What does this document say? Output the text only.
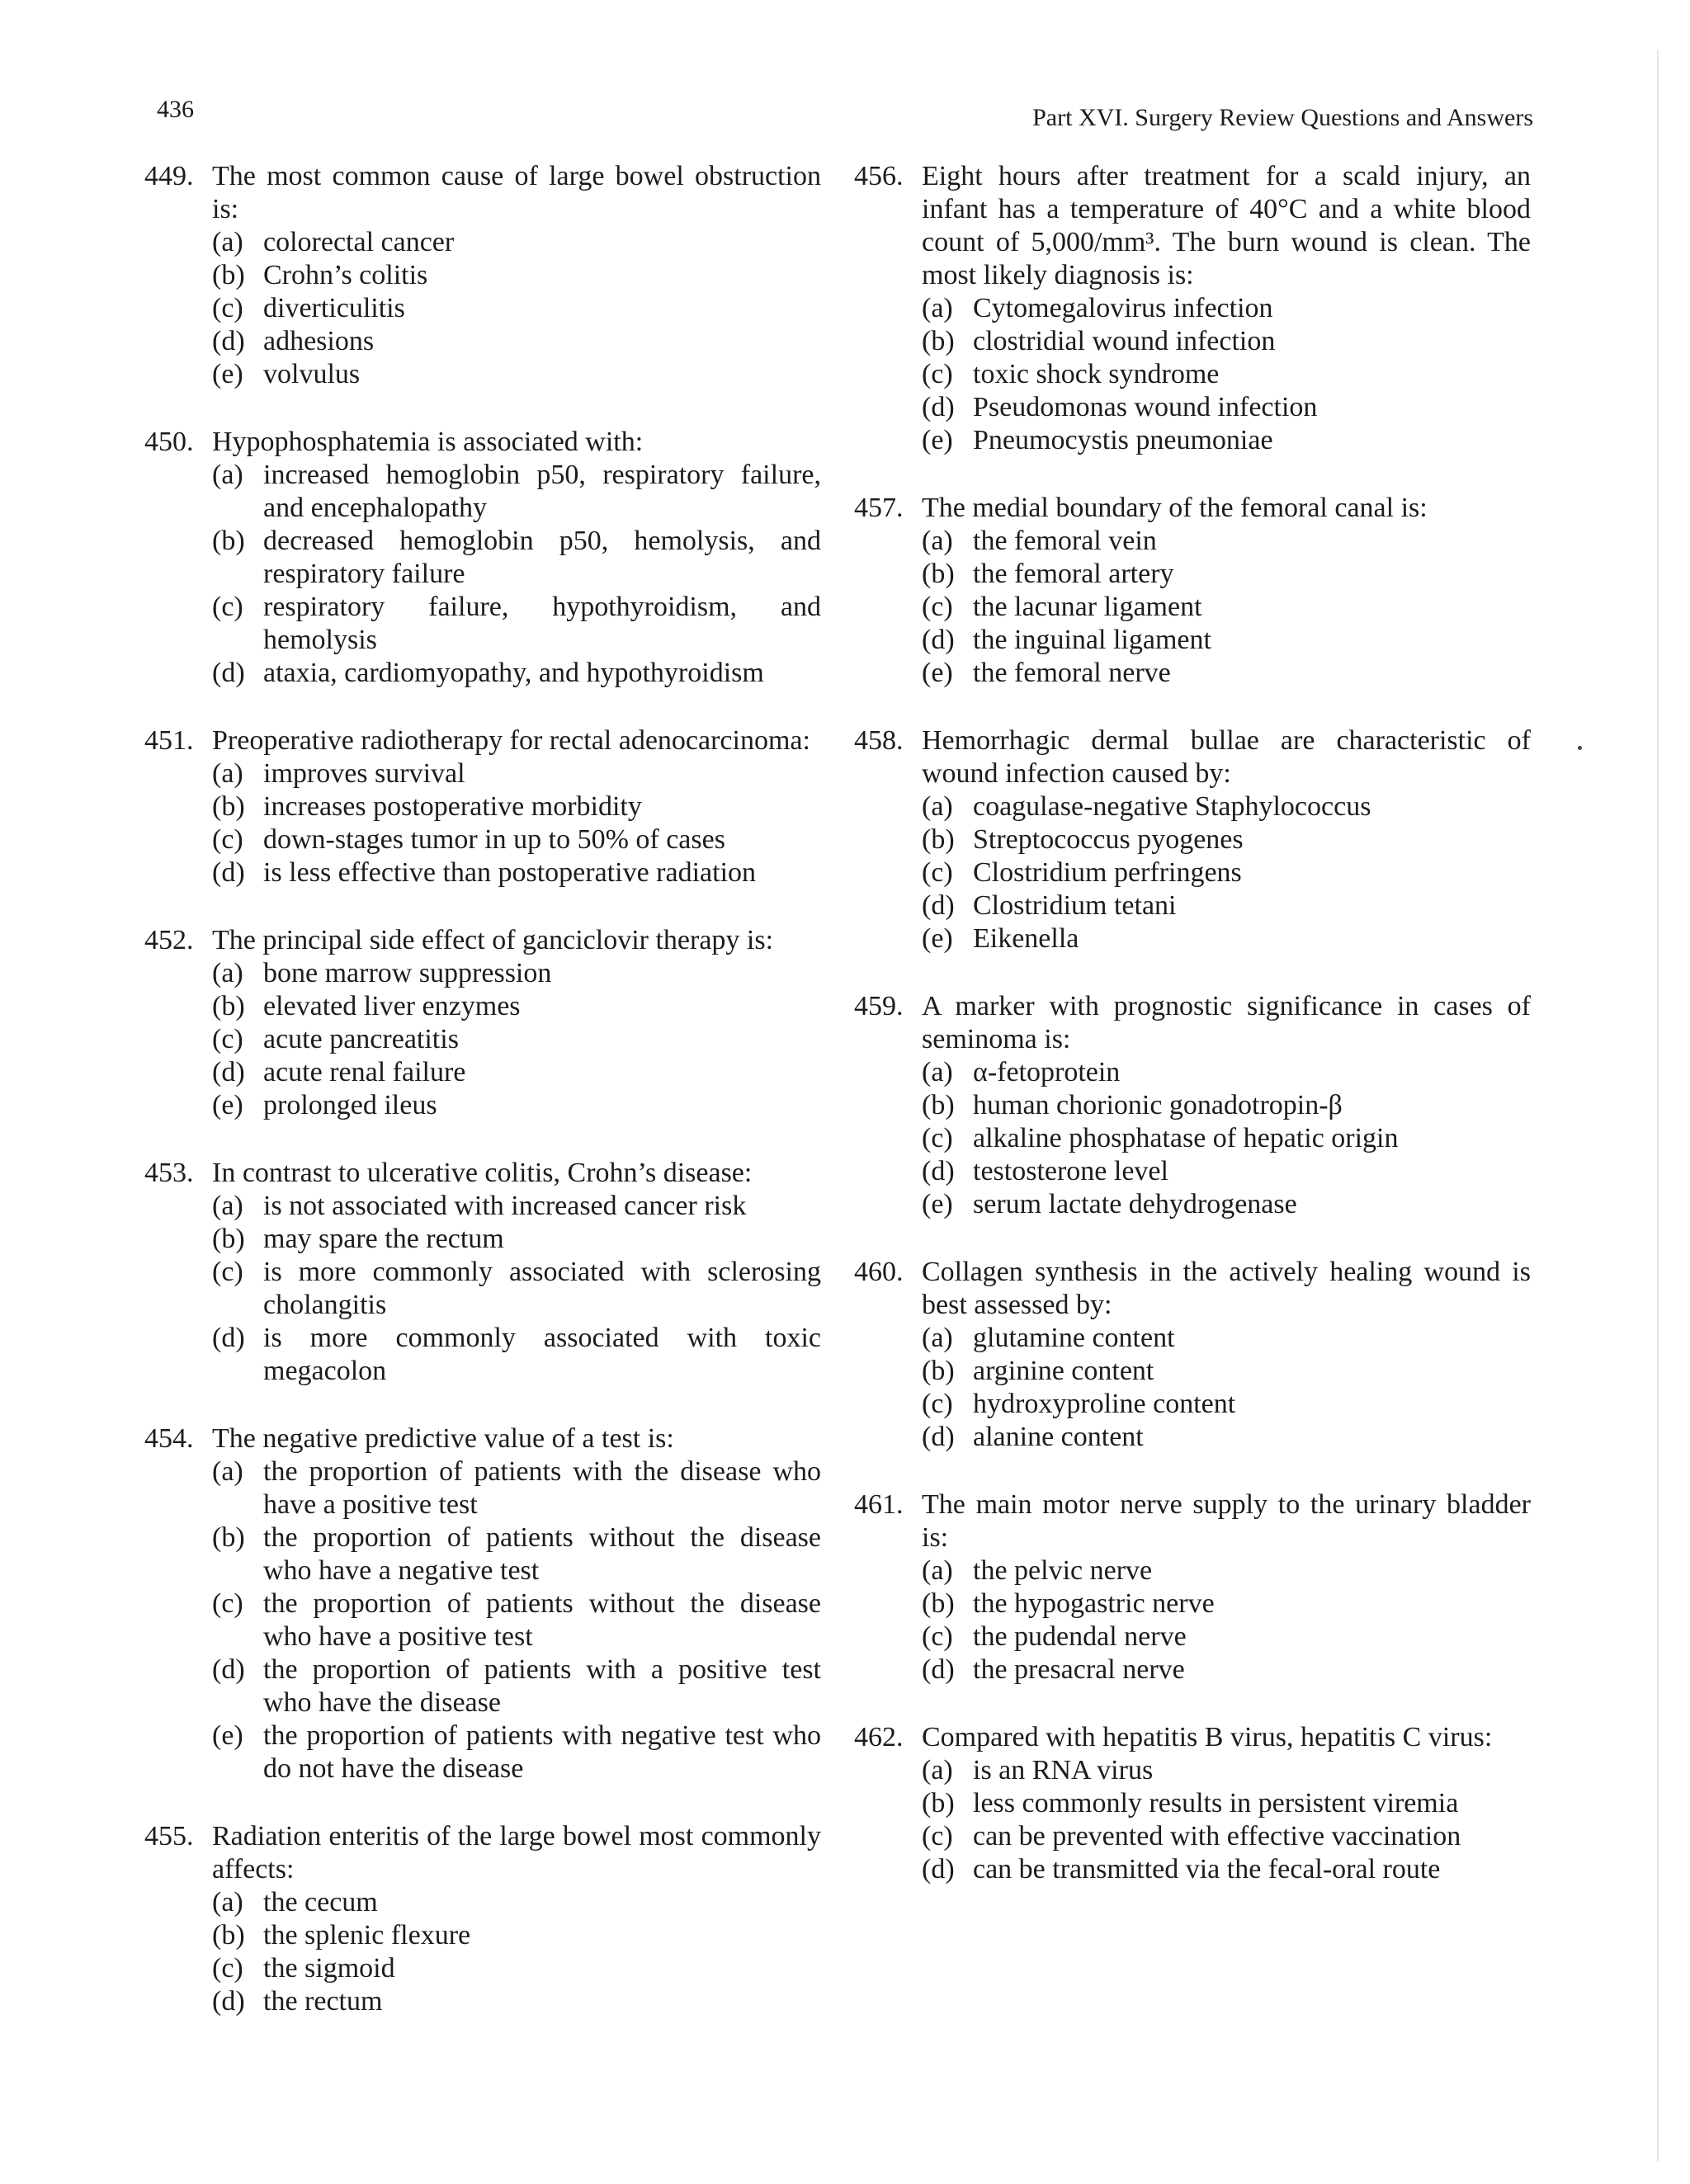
436	Part XVI. Surgery Review Questions and Answers
449. The most common cause of large bowel obstruction is:
(a) colorectal cancer
(b) Crohn’s colitis
(c) diverticulitis
(d) adhesions
(e) volvulus
450. Hypophosphatemia is associated with:
(a) increased hemoglobin p50, respiratory failure, and encephalopathy
(b) decreased hemoglobin p50, hemolysis, and respiratory failure
(c) respiratory failure, hypothyroidism, and hemolysis
(d) ataxia, cardiomyopathy, and hypothyroidism
451. Preoperative radiotherapy for rectal adenocarcinoma:
(a) improves survival
(b) increases postoperative morbidity
(c) down-stages tumor in up to 50% of cases
(d) is less effective than postoperative radiation
452. The principal side effect of ganciclovir therapy is:
(a) bone marrow suppression
(b) elevated liver enzymes
(c) acute pancreatitis
(d) acute renal failure
(e) prolonged ileus
453. In contrast to ulcerative colitis, Crohn’s disease:
(a) is not associated with increased cancer risk
(b) may spare the rectum
(c) is more commonly associated with sclerosing cholangitis
(d) is more commonly associated with toxic megacolon
454. The negative predictive value of a test is:
(a) the proportion of patients with the disease who have a positive test
(b) the proportion of patients without the disease who have a negative test
(c) the proportion of patients without the disease who have a positive test
(d) the proportion of patients with a positive test who have the disease
(e) the proportion of patients with negative test who do not have the disease
455. Radiation enteritis of the large bowel most commonly affects:
(a) the cecum
(b) the splenic flexure
(c) the sigmoid
(d) the rectum
456. Eight hours after treatment for a scald injury, an infant has a temperature of 40°C and a white blood count of 5,000/mm³. The burn wound is clean. The most likely diagnosis is:
(a) Cytomegalovirus infection
(b) clostridial wound infection
(c) toxic shock syndrome
(d) Pseudomonas wound infection
(e) Pneumocystis pneumoniae
457. The medial boundary of the femoral canal is:
(a) the femoral vein
(b) the femoral artery
(c) the lacunar ligament
(d) the inguinal ligament
(e) the femoral nerve
458. Hemorrhagic dermal bullae are characteristic of wound infection caused by:
(a) coagulase-negative Staphylococcus
(b) Streptococcus pyogenes
(c) Clostridium perfringens
(d) Clostridium tetani
(e) Eikenella
459. A marker with prognostic significance in cases of seminoma is:
(a) α-fetoprotein
(b) human chorionic gonadotropin-β
(c) alkaline phosphatase of hepatic origin
(d) testosterone level
(e) serum lactate dehydrogenase
460. Collagen synthesis in the actively healing wound is best assessed by:
(a) glutamine content
(b) arginine content
(c) hydroxyproline content
(d) alanine content
461. The main motor nerve supply to the urinary bladder is:
(a) the pelvic nerve
(b) the hypogastric nerve
(c) the pudendal nerve
(d) the presacral nerve
462. Compared with hepatitis B virus, hepatitis C virus:
(a) is an RNA virus
(b) less commonly results in persistent viremia
(c) can be prevented with effective vaccination
(d) can be transmitted via the fecal-oral route
